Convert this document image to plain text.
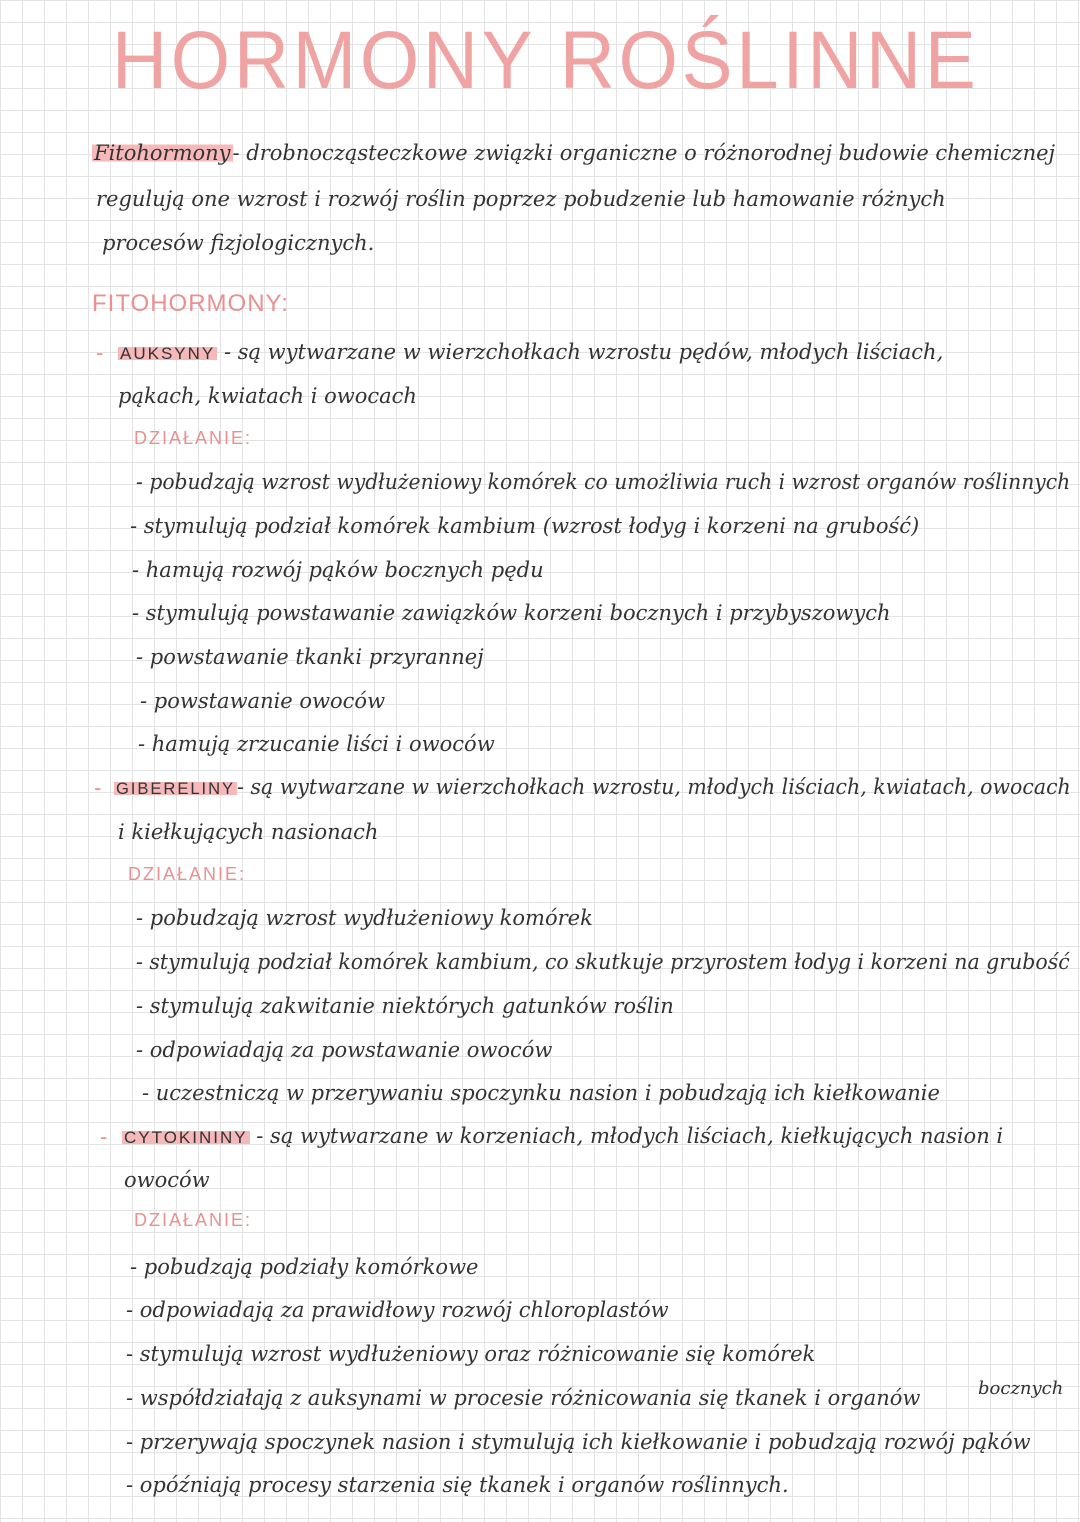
HORMONY ROŚLINNE
Fitohormony- drobnocząsteczkowe związki organiczne o różnorodnej budowie chemicznej
regulują one wzrost i rozwój roślin poprzez pobudzenie lub hamowanie różnych
procesów fizjologicznych.
FITOHORMONY:
- AUKSYNY - są wytwarzane w wierzchołkach wzrostu pędów, młodych liściach,
pąkach, kwiatach i owocach
DZIAŁANIE:
- pobudzają wzrost wydłużeniowy komórek co umożliwia ruch i wzrost organów roślinnych
- stymulują podział komórek kambium (wzrost łodyg i korzeni na grubość)
- hamują rozwój pąków bocznych pędu
- stymulują powstawanie zawiązków korzeni bocznych i przybyszowych
- powstawanie tkanki przyrannej
- powstawanie owoców
- hamują zrzucanie liści i owoców
- GIBERELINY- są wytwarzane w wierzchołkach wzrostu, młodych liściach, kwiatach, owocach
i kiełkujących nasionach
DZIAŁANIE:
- pobudzają wzrost wydłużeniowy komórek
- stymulują podział komórek kambium, co skutkuje przyrostem łodyg i korzeni na grubość
- stymulują zakwitanie niektórych gatunków roślin
- odpowiadają za powstawanie owoców
- uczestniczą w przerywaniu spoczynku nasion i pobudzają ich kiełkowanie
- CYTOKININY - są wytwarzane w korzeniach, młodych liściach, kiełkujących nasion i
owoców
DZIAŁANIE:
- pobudzają podziały komórkowe
- odpowiadają za prawidłowy rozwój chloroplastów
- stymulują wzrost wydłużeniowy oraz różnicowanie się komórek
- współdziałają z auksynami w procesie różnicowania się tkanek i organów	bocznych
- przerywają spoczynek nasion i stymulują ich kiełkowanie i pobudzają rozwój pąków
- opóźniają procesy starzenia się tkanek i organów roślinnych.
